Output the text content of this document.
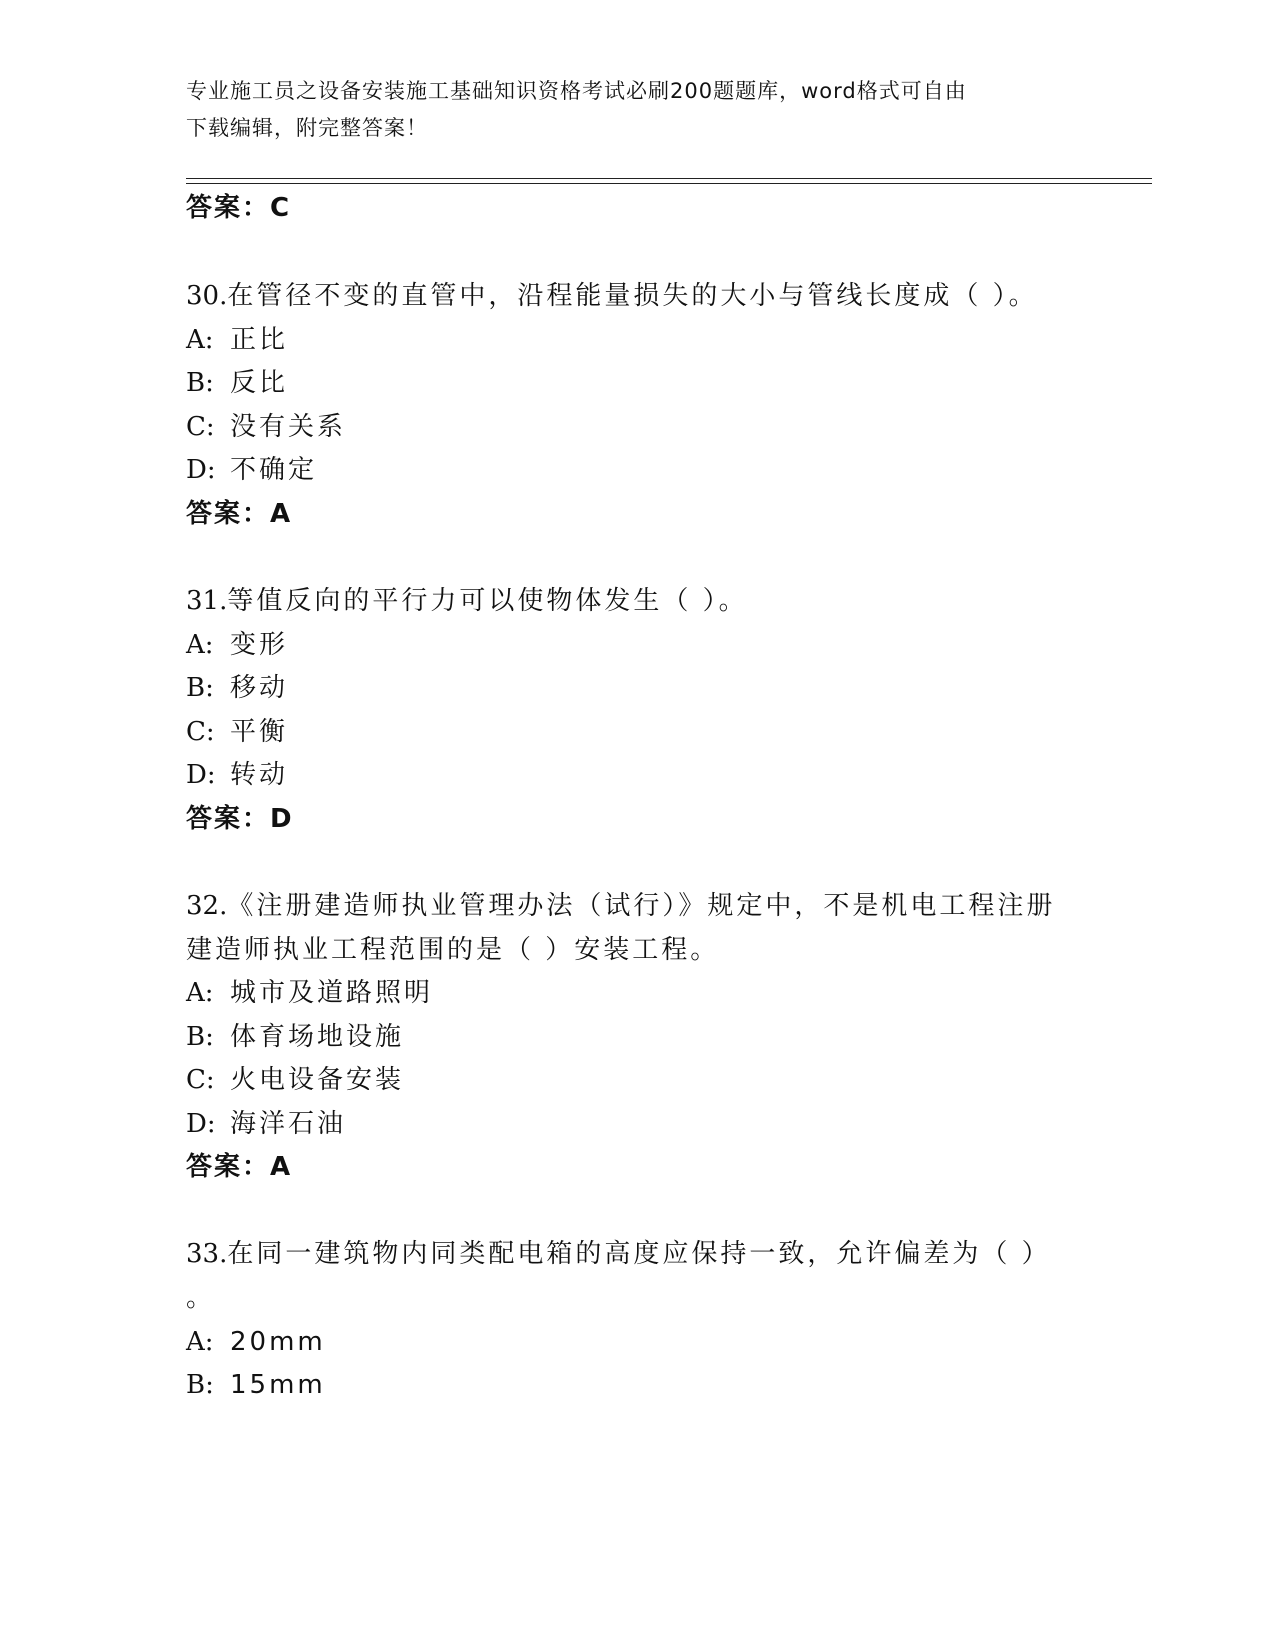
专业施工员之设备安装施工基础知识资格考试必刷200题题库，word格式可自由
下载编辑，附完整答案！
答案：C
30.在管径不变的直管中，沿程能量损失的大小与管线长度成（ ）。
A: 正比
B: 反比
C: 没有关系
D: 不确定
答案：A
31.等值反向的平行力可以使物体发生（ ）。
A: 变形
B: 移动
C: 平衡
D: 转动
答案：D
32.《注册建造师执业管理办法（试行）》规定中，不是机电工程注册
建造师执业工程范围的是（ ）安装工程。
A: 城市及道路照明
B: 体育场地设施
C: 火电设备安装
D: 海洋石油
答案：A
33.在同一建筑物内同类配电箱的高度应保持一致，允许偏差为（ ）
。
A: 20mm
B: 15mm
